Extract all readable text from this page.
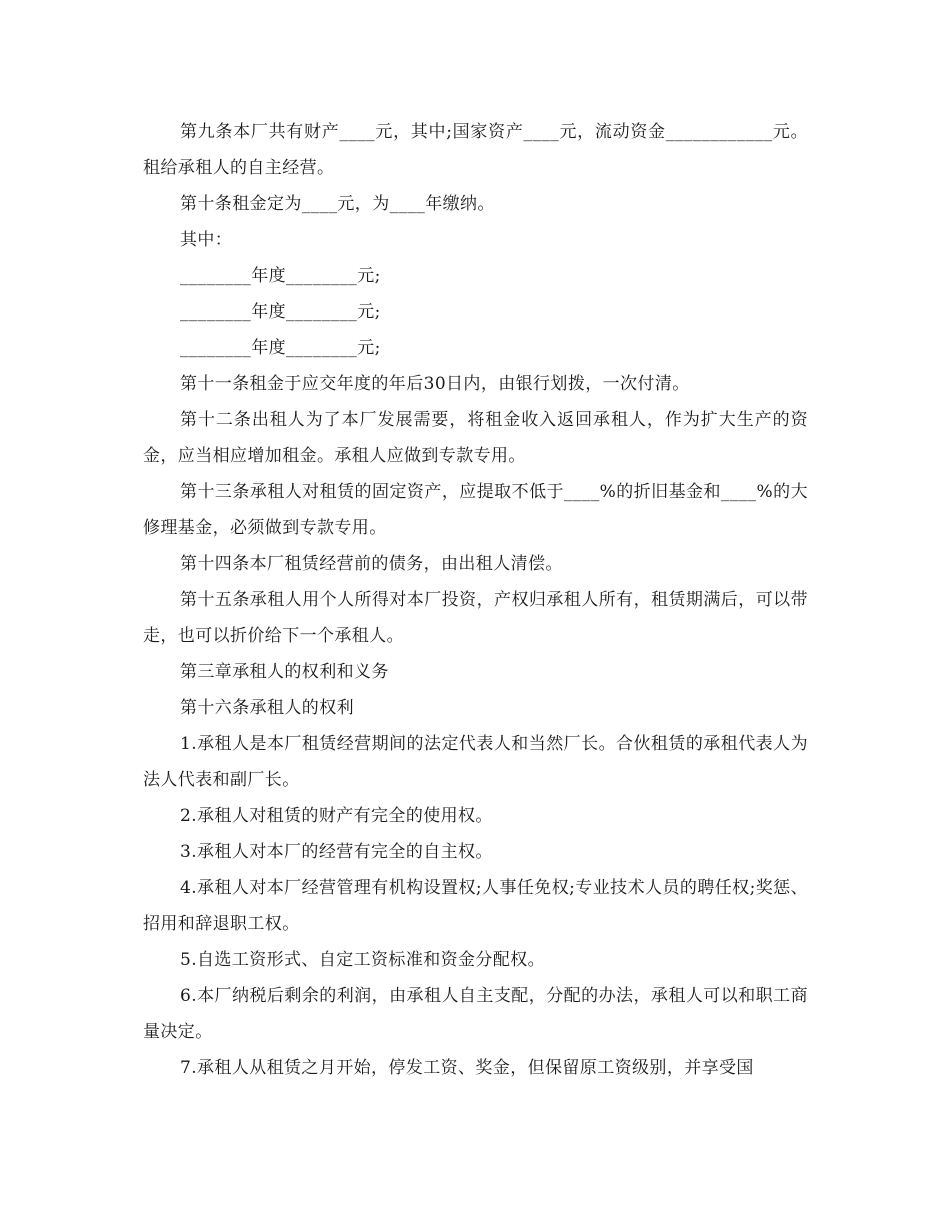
第九条本厂共有财产____元，其中;国家资产____元，流动资金____________元。租给承租人的自主经营。

第十条租金定为____元，为____年缴纳。

其中：

________年度________元;

________年度________元;

________年度________元;

第十一条租金于应交年度的年后30日内，由银行划拨，一次付清。

第十二条出租人为了本厂发展需要，将租金收入返回承租人，作为扩大生产的资金，应当相应增加租金。承租人应做到专款专用。

第十三条承租人对租赁的固定资产，应提取不低于____%的折旧基金和____%的大修理基金，必须做到专款专用。

第十四条本厂租赁经营前的债务，由出租人清偿。

第十五条承租人用个人所得对本厂投资，产权归承租人所有，租赁期满后，可以带走，也可以折价给下一个承租人。

第三章承租人的权利和义务

第十六条承租人的权利

1.承租人是本厂租赁经营期间的法定代表人和当然厂长。合伙租赁的承租代表人为法人代表和副厂长。

2.承租人对租赁的财产有完全的使用权。

3.承租人对本厂的经营有完全的自主权。

4.承租人对本厂经营管理有机构设置权;人事任免权;专业技术人员的聘任权;奖惩、招用和辞退职工权。

5.自选工资形式、自定工资标准和资金分配权。

6.本厂纳税后剩余的利润，由承租人自主支配，分配的办法，承租人可以和职工商量决定。

7.承租人从租赁之月开始，停发工资、奖金，但保留原工资级别，并享受国
